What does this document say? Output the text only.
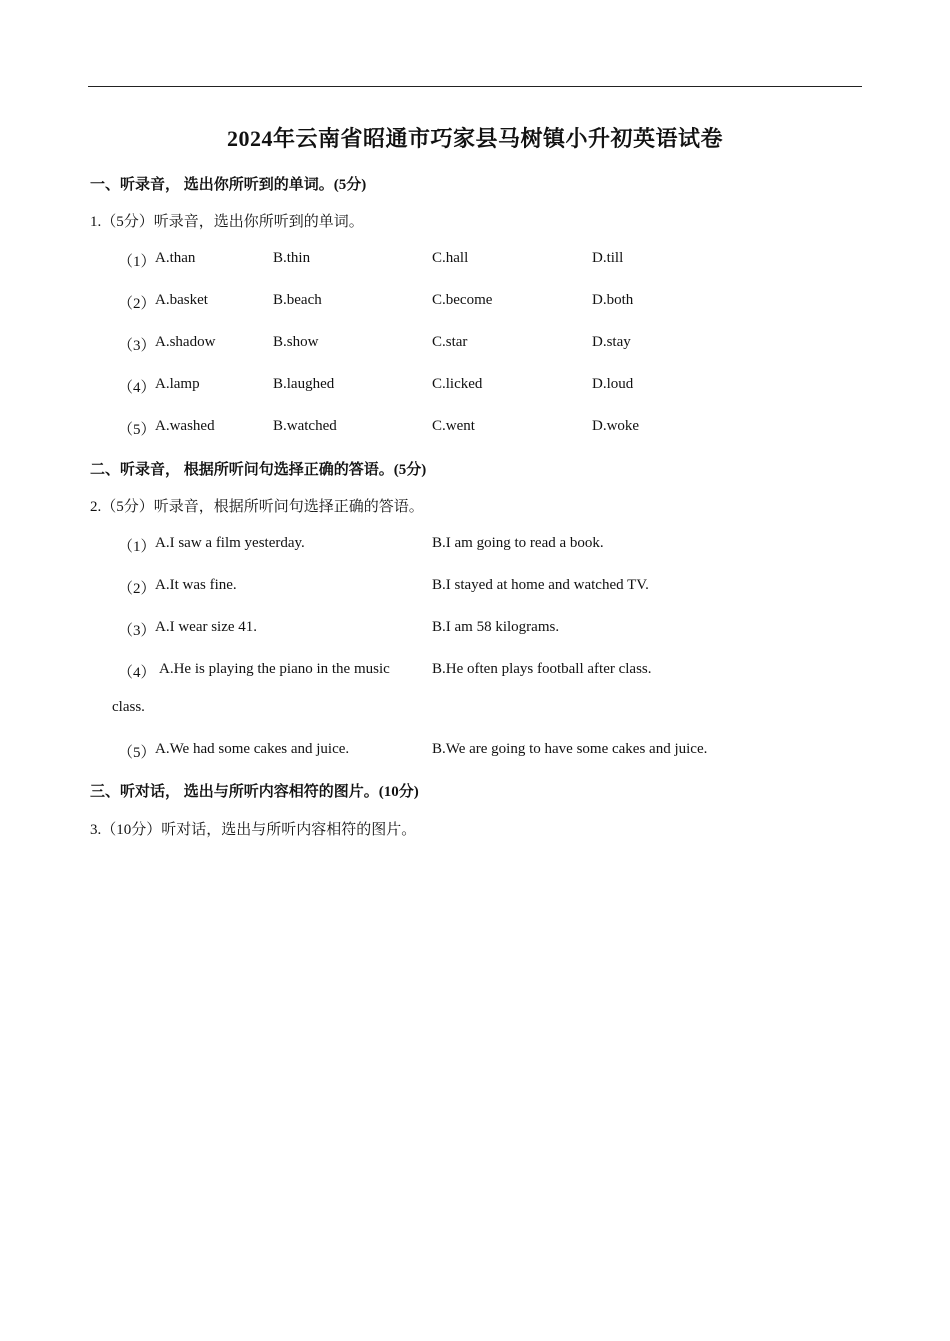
2024年云南省昭通市巧家县马树镇小升初英语试卷
一、听录音， 选出你所听到的单词。(5分)
1.（5分）听录音，选出你所听到的单词。
（1） A.than	B.thin	C.hall	D.till
（2） A.basket	B.beach	C.become	D.both
（3） A.shadow	B.show	C.star	D.stay
（4） A.lamp	B.laughed	C.licked	D.loud
（5） A.washed	B.watched	C.went	D.woke
二、听录音， 根据所听问句选择正确的答语。(5分)
2.（5分）听录音，根据所听问句选择正确的答语。
（1） A.I saw a film yesterday.	B.I am going to read a book.
（2） A.It was fine.	B.I stayed at home and watched TV.
（3） A.I wear size 41.	B.I am 58 kilograms.
（4） A.He is playing the piano in the music	B.He often plays football after class.
class.
（5） A.We had some cakes and juice.	B.We are going to have some cakes and juice.
三、听对话， 选出与所听内容相符的图片。(10分)
3.（10分）听对话，选出与所听内容相符的图片。
